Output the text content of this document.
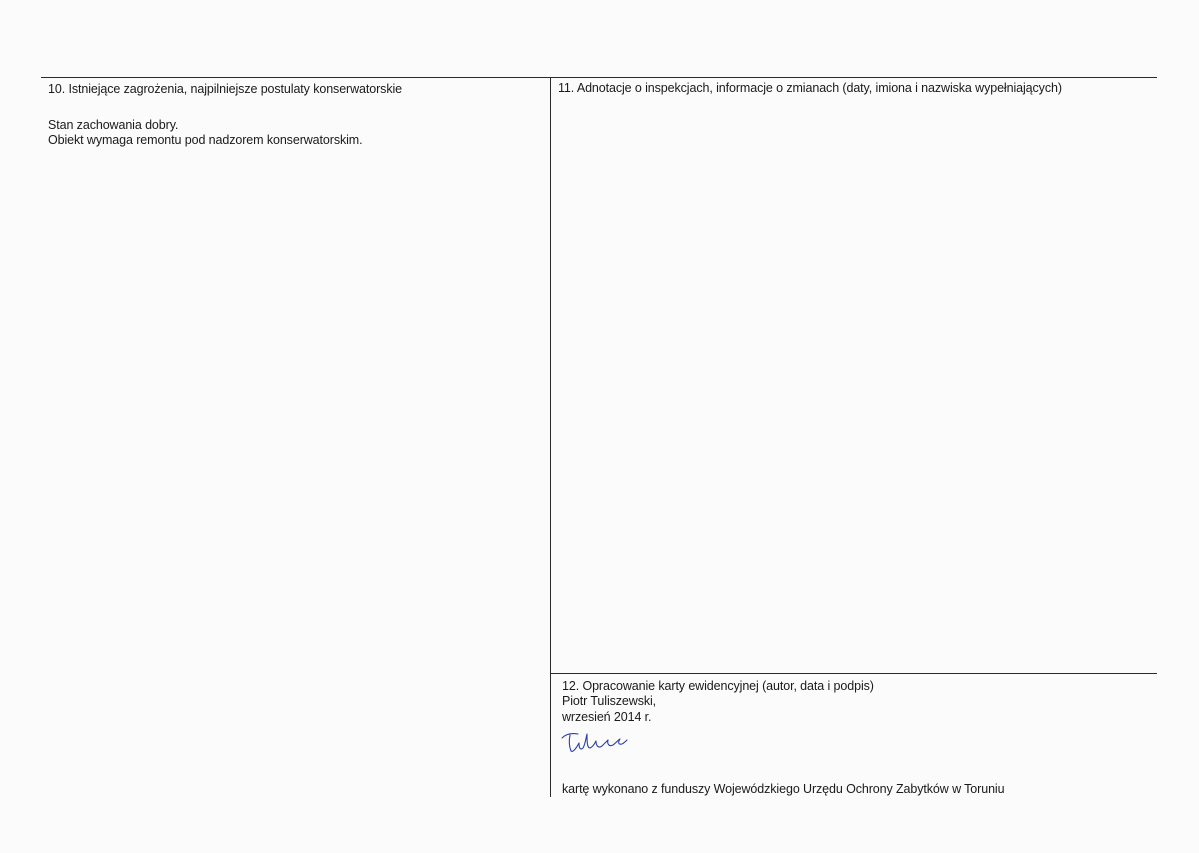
10. Istniejące zagrożenia, najpilniejsze postulaty konserwatorskie
Stan zachowania dobry.
Obiekt wymaga remontu pod nadzorem konserwatorskim.
11. Adnotacje o inspekcjach, informacje o zmianach (daty, imiona i nazwiska wypełniających)
12. Opracowanie karty ewidencyjnej (autor, data i podpis)
Piotr Tuliszewski,
wrzesień 2014 r.
kartę wykonano z funduszy Wojewódzkiego Urzędu Ochrony Zabytków w Toruniu
